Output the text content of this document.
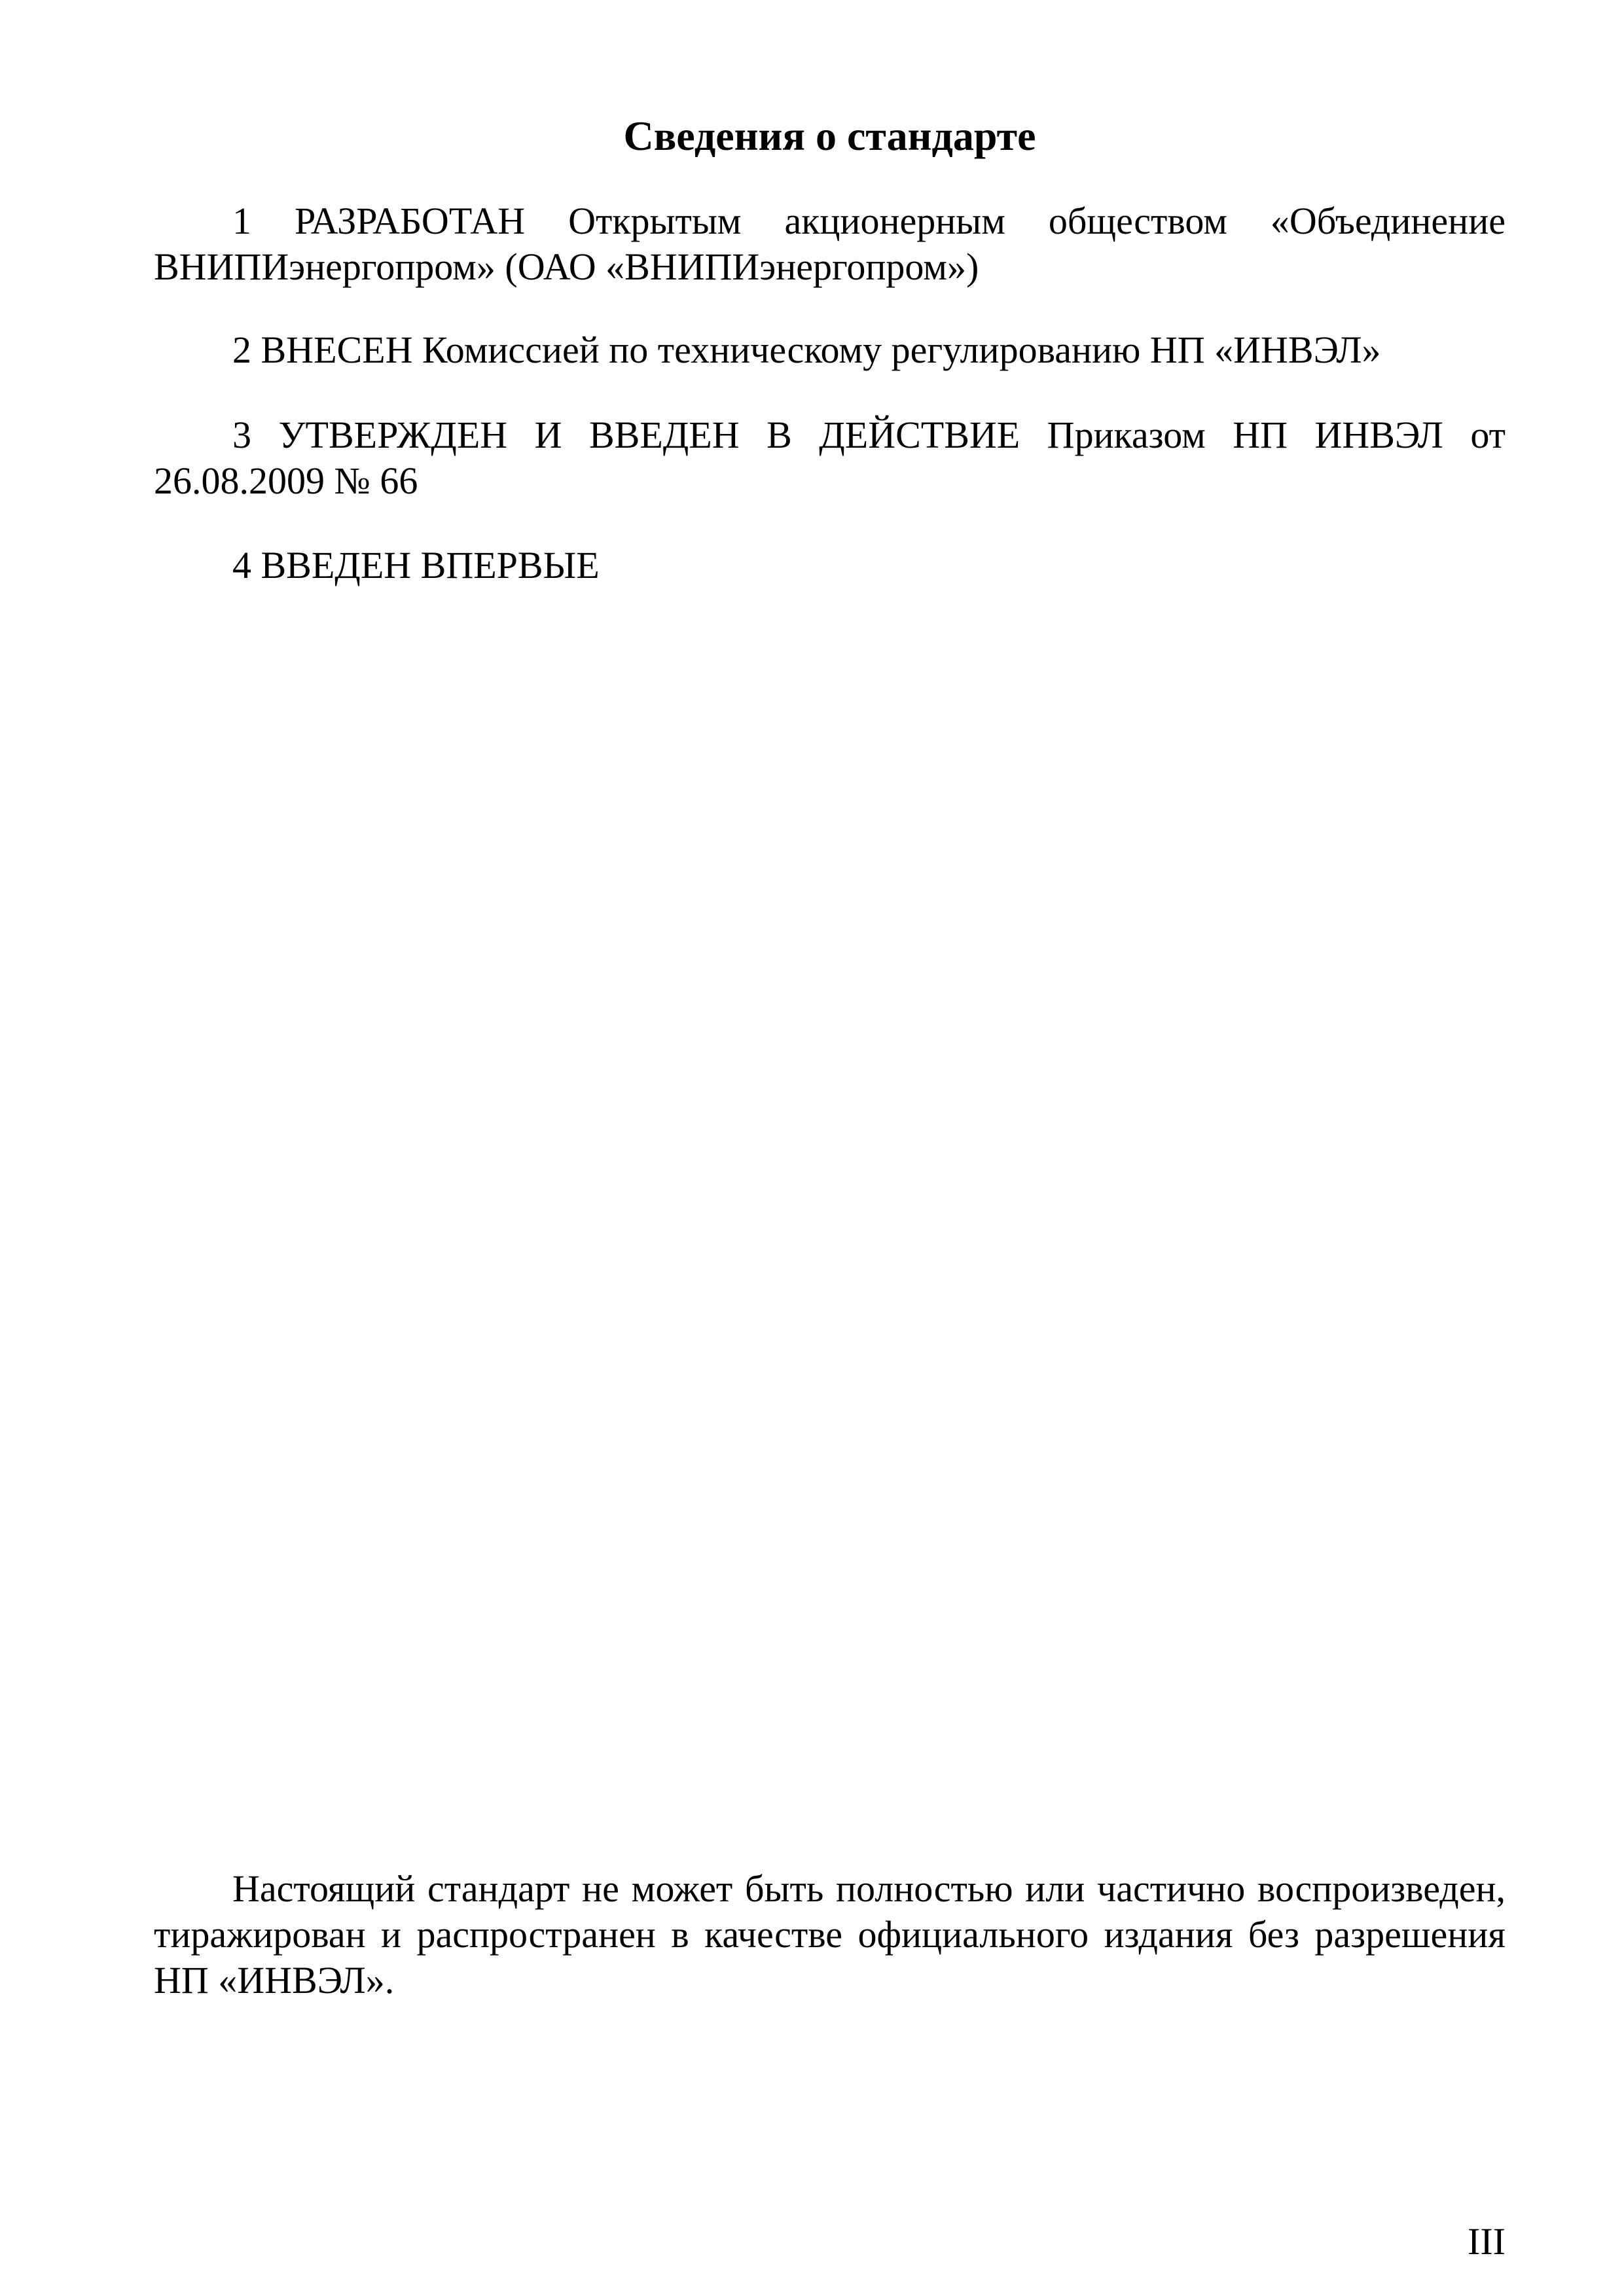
Сведения о стандарте

1 РАЗРАБОТАН Открытым акционерным обществом «Объединение ВНИПИэнергопром» (ОАО «ВНИПИэнергопром»)

2 ВНЕСЕН Комиссией по техническому регулированию НП «ИНВЭЛ»

3 УТВЕРЖДЕН И ВВЕДЕН В ДЕЙСТВИЕ Приказом НП ИНВЭЛ от 26.08.2009 № 66

4 ВВЕДЕН ВПЕРВЫЕ

Настоящий стандарт не может быть полностью или частично воспроизведен, тиражирован и распространен в качестве официального издания без разрешения НП «ИНВЭЛ».

III
